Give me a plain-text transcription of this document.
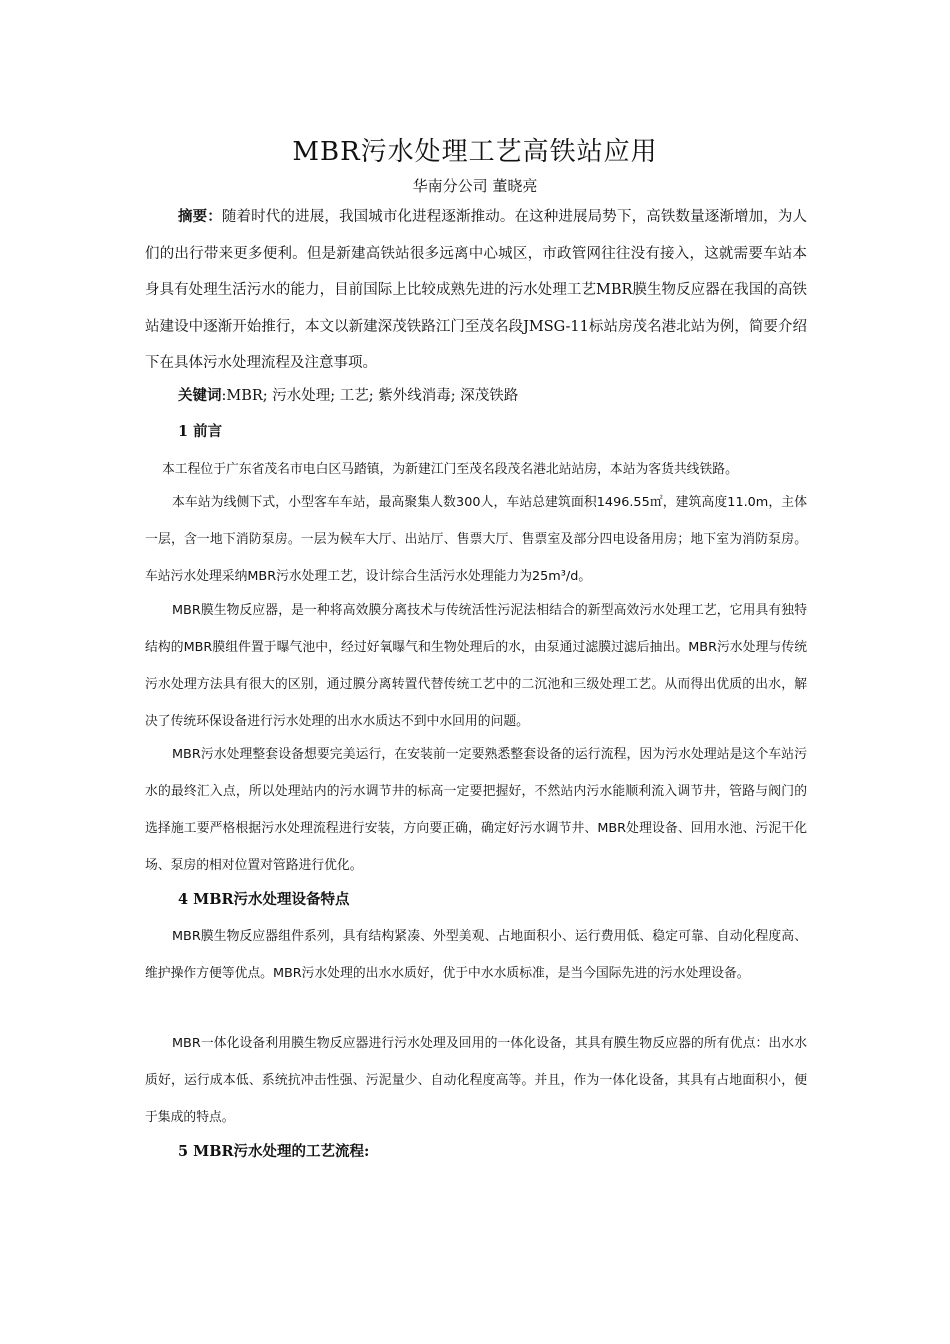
MBR污水处理工艺高铁站应用
华南分公司 董晓亮

摘要：随着时代的进展，我国城市化进程逐渐推动。在这种进展局势下，高铁数量逐渐增加，为人们的出行带来更多便利。但是新建高铁站很多远离中心城区，市政管网往往没有接入，这就需要车站本身具有处理生活污水的能力，目前国际上比较成熟先进的污水处理工艺MBR膜生物反应器在我国的高铁站建设中逐渐开始推行，本文以新建深茂铁路江门至茂名段JMSG-11标站房茂名港北站为例，简要介绍下在具体污水处理流程及注意事项。

关键词:MBR; 污水处理; 工艺; 紫外线消毒; 深茂铁路

1 前言

本工程位于广东省茂名市电白区马踏镇，为新建江门至茂名段茂名港北站站房，本站为客货共线铁路。

本车站为线侧下式，小型客车车站，最高聚集人数300人，车站总建筑面积1496.55㎡，建筑高度11.0m，主体一层，含一地下消防泵房。一层为候车大厅、出站厅、售票大厅、售票室及部分四电设备用房；地下室为消防泵房。车站污水处理采纳MBR污水处理工艺，设计综合生活污水处理能力为25m³/d。

MBR膜生物反应器，是一种将高效膜分离技术与传统活性污泥法相结合的新型高效污水处理工艺，它用具有独特结构的MBR膜组件置于曝气池中，经过好氧曝气和生物处理后的水，由泵通过滤膜过滤后抽出。MBR污水处理与传统污水处理方法具有很大的区别，通过膜分离转置代替传统工艺中的二沉池和三级处理工艺。从而得出优质的出水，解决了传统环保设备进行污水处理的出水水质达不到中水回用的问题。

MBR污水处理整套设备想要完美运行，在安装前一定要熟悉整套设备的运行流程，因为污水处理站是这个车站污水的最终汇入点，所以处理站内的污水调节井的标高一定要把握好，不然站内污水能顺利流入调节井，管路与阀门的选择施工要严格根据污水处理流程进行安装，方向要正确，确定好污水调节井、MBR处理设备、回用水池、污泥干化场、泵房的相对位置对管路进行优化。

4 MBR污水处理设备特点

MBR膜生物反应器组件系列，具有结构紧凑、外型美观、占地面积小、运行费用低、稳定可靠、自动化程度高、维护操作方便等优点。MBR污水处理的出水水质好，优于中水水质标准，是当今国际先进的污水处理设备。

MBR一体化设备利用膜生物反应器进行污水处理及回用的一体化设备，其具有膜生物反应器的所有优点：出水水质好，运行成本低、系统抗冲击性强、污泥量少、自动化程度高等。并且，作为一体化设备，其具有占地面积小，便于集成的特点。

5 MBR污水处理的工艺流程:
